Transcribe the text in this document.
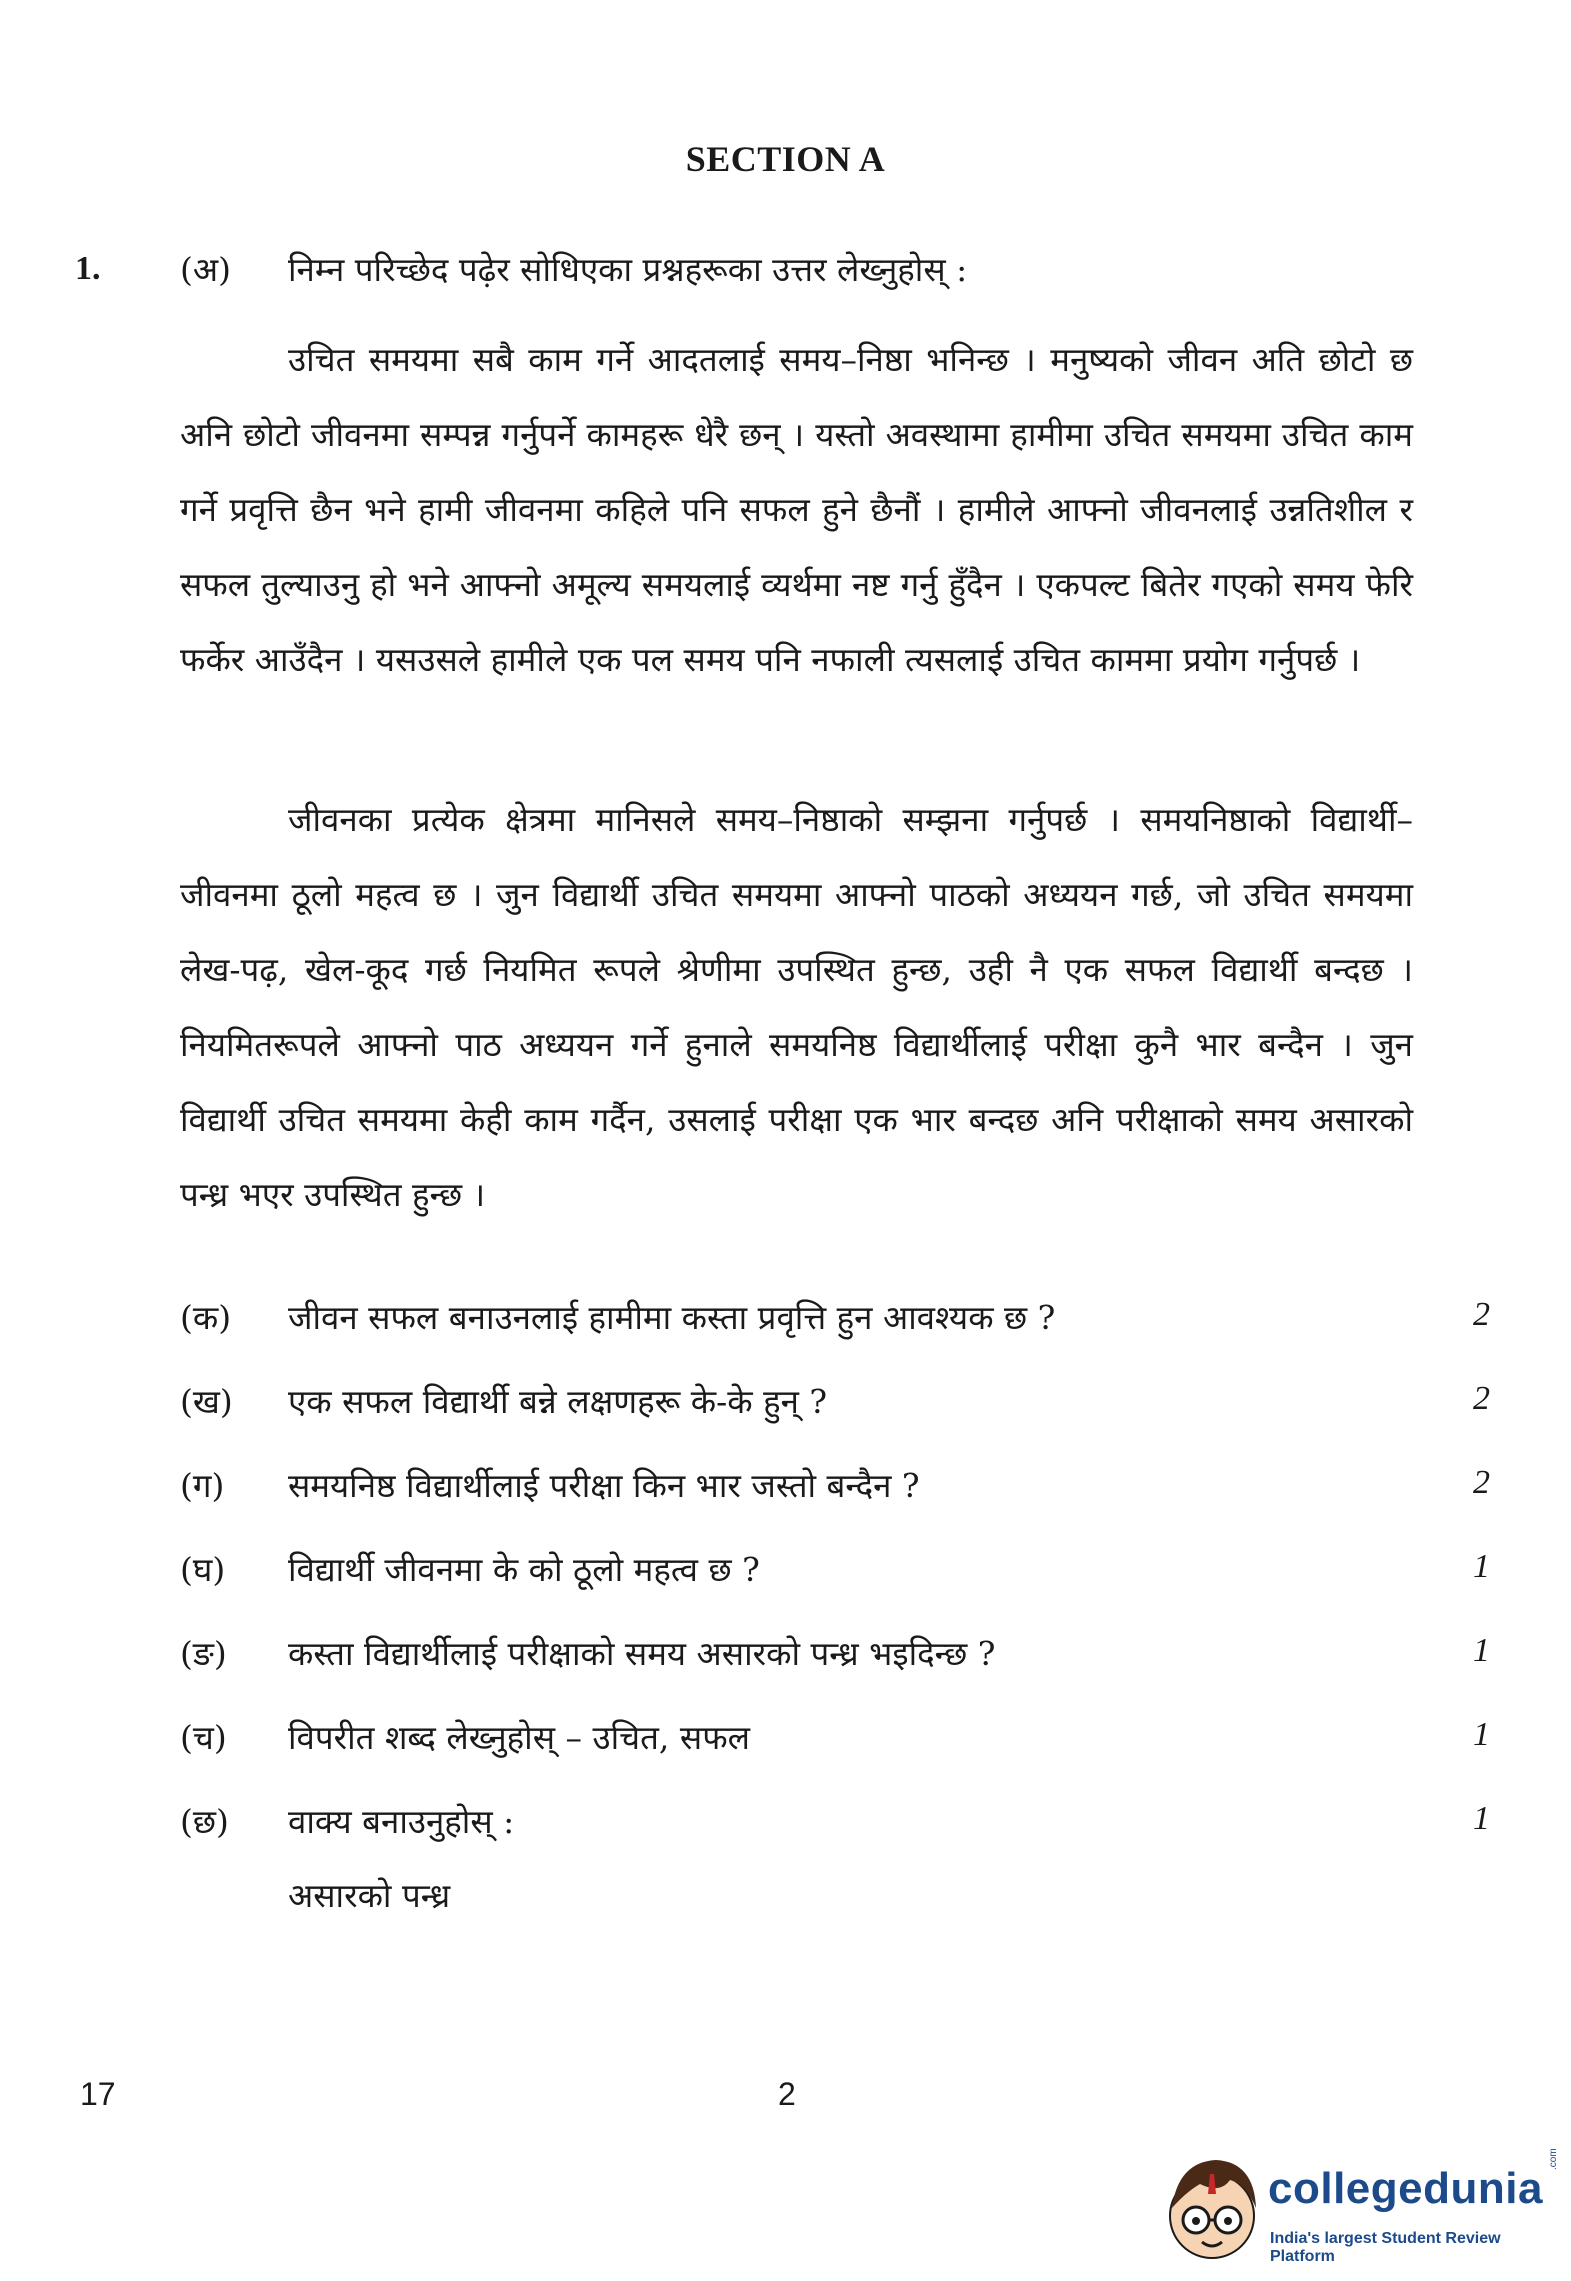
SECTION A
1. (अ) निम्न परिच्छेद पढ़ेर सोधिएका प्रश्नहरूका उत्तर लेख्नुहोस् :

उचित समयमा सबै काम गर्ने आदतलाई समय–निष्ठा भनिन्छ । मनुष्यको जीवन अति छोटो छ अनि छोटो जीवनमा सम्पन्न गर्नुपर्ने कामहरू धेरै छन् । यस्तो अवस्थामा हामीमा उचित समयमा उचित काम गर्ने प्रवृत्ति छैन भने हामी जीवनमा कहिले पनि सफल हुने छैनौं । हामीले आफ्नो जीवनलाई उन्नतिशील र सफल तुल्याउनु हो भने आफ्नो अमूल्य समयलाई व्यर्थमा नष्ट गर्नु हुँदैन । एकपल्ट बितेर गएको समय फेरि फर्केर आउँदैन । यसउसले हामीले एक पल समय पनि नफाली त्यसलाई उचित काममा प्रयोग गर्नुपर्छ ।

जीवनका प्रत्येक क्षेत्रमा मानिसले समय–निष्ठाको सम्झना गर्नुपर्छ । समयनिष्ठाको विद्यार्थी–जीवनमा ठूलो महत्व छ । जुन विद्यार्थी उचित समयमा आफ्नो पाठको अध्ययन गर्छ, जो उचित समयमा लेख-पढ़, खेल-कूद गर्छ नियमित रूपले श्रेणीमा उपस्थित हुन्छ, उही नै एक सफल विद्यार्थी बन्दछ । नियमितरूपले आफ्नो पाठ अध्ययन गर्ने हुनाले समयनिष्ठ विद्यार्थीलाई परीक्षा कुनै भार बन्दैन । जुन विद्यार्थी उचित समयमा केही काम गर्दैन, उसलाई परीक्षा एक भार बन्दछ अनि परीक्षाको समय असारको पन्ध्र भएर उपस्थित हुन्छ ।

(क) जीवन सफल बनाउनलाई हामीमा कस्ता प्रवृत्ति हुन आवश्यक छ ?	2
(ख) एक सफल विद्यार्थी बन्ने लक्षणहरू के-के हुन् ?	2
(ग) समयनिष्ठ विद्यार्थीलाई परीक्षा किन भार जस्तो बन्दैन ?	2
(घ) विद्यार्थी जीवनमा के को ठूलो महत्व छ ?	1
(ङ) कस्ता विद्यार्थीलाई परीक्षाको समय असारको पन्ध्र भइदिन्छ ?	1
(च) विपरीत शब्द लेख्नुहोस् – उचित, सफल	1
(छ) वाक्य बनाउनुहोस् :	1
असारको पन्ध्र
17	2
collegedunia
.com
India's largest Student Review Platform
